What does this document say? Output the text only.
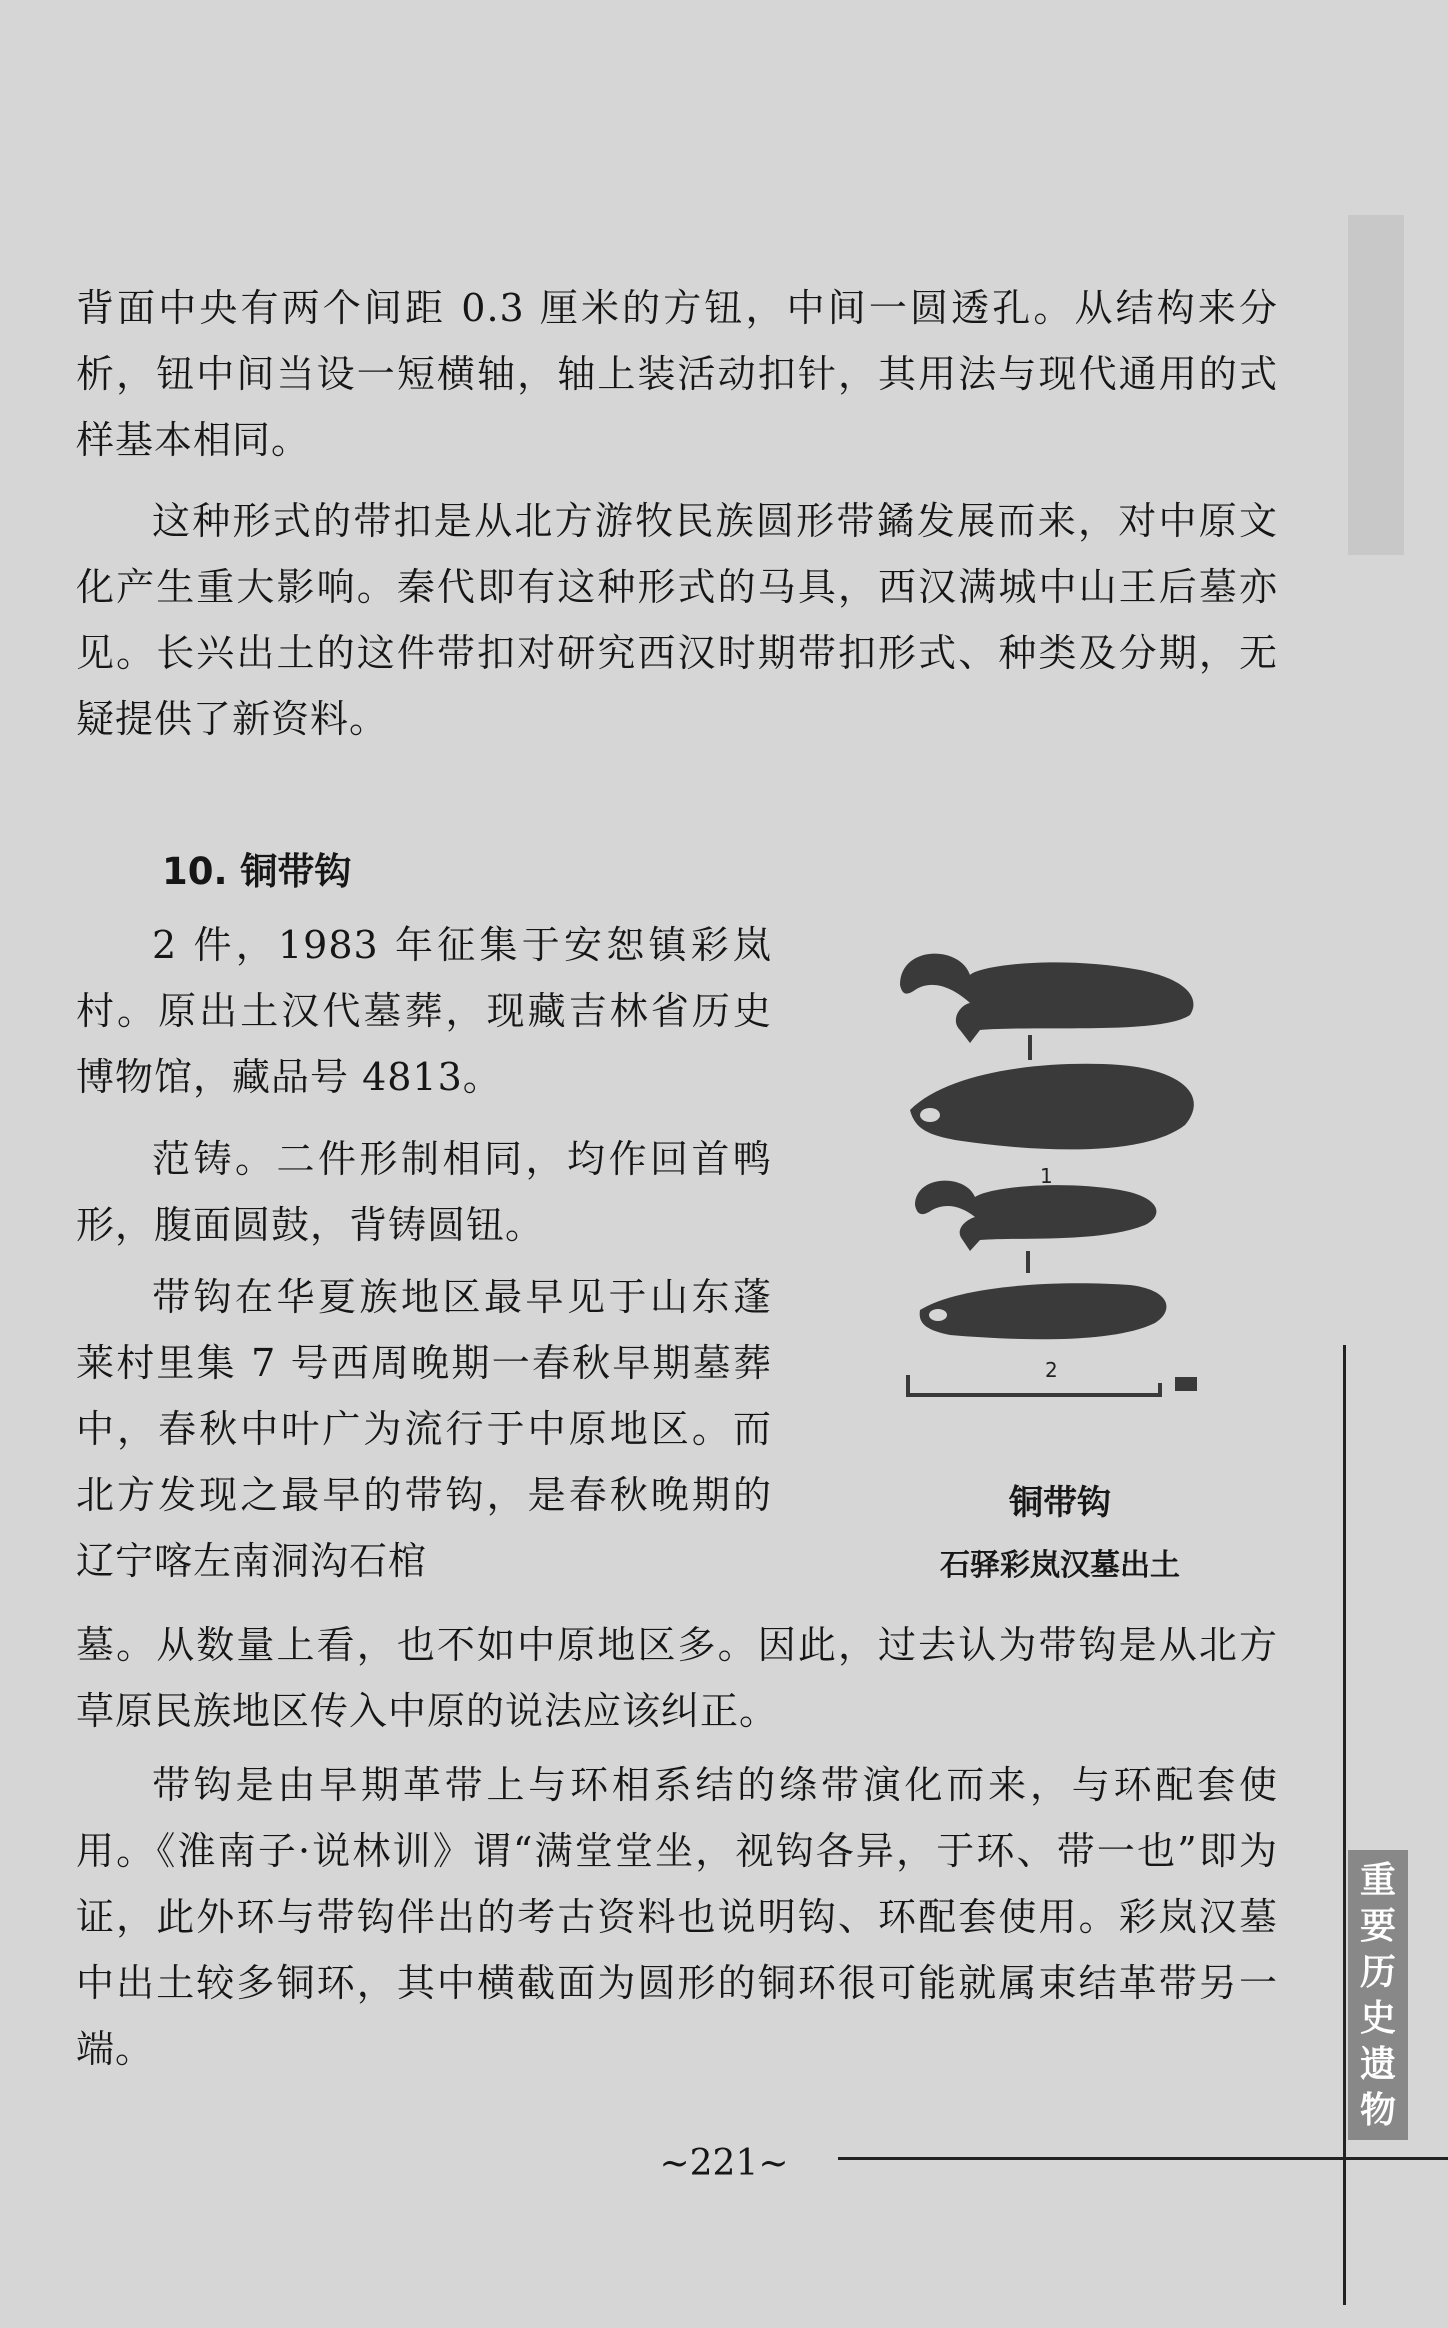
背面中央有两个间距 0.3 厘米的方钮，中间一圆透孔。从结构来分析，钮中间当设一短横轴，轴上装活动扣针，其用法与现代通用的式样基本相同。

这种形式的带扣是从北方游牧民族圆形带鐍发展而来，对中原文化产生重大影响。秦代即有这种形式的马具，西汉满城中山王后墓亦见。长兴出土的这件带扣对研究西汉时期带扣形式、种类及分期，无疑提供了新资料。

10. 铜带钩

2 件，1983 年征集于安恕镇彩岚村。原出土汉代墓葬，现藏吉林省历史博物馆，藏品号 4813。

范铸。二件形制相同，均作回首鸭形，腹面圆鼓，背铸圆钮。

带钩在华夏族地区最早见于山东蓬莱村里集 7 号西周晚期一春秋早期墓葬中，春秋中叶广为流行于中原地区。而北方发现之最早的带钩，是春秋晚期的辽宁喀左南洞沟石棺

墓。从数量上看，也不如中原地区多。因此，过去认为带钩是从北方草原民族地区传入中原的说法应该纠正。

带钩是由早期革带上与环相系结的绦带演化而来，与环配套使用。《淮南子·说林训》谓“满堂堂坐，视钩各异，于环、带一也”即为证，此外环与带钩伴出的考古资料也说明钩、环配套使用。彩岚汉墓中出土较多铜环，其中横截面为圆形的铜环很可能就属束结革带另一端。

1
2
铜带钩
石驿彩岚汉墓出土
~221~
重
要
历
史
遗
物
